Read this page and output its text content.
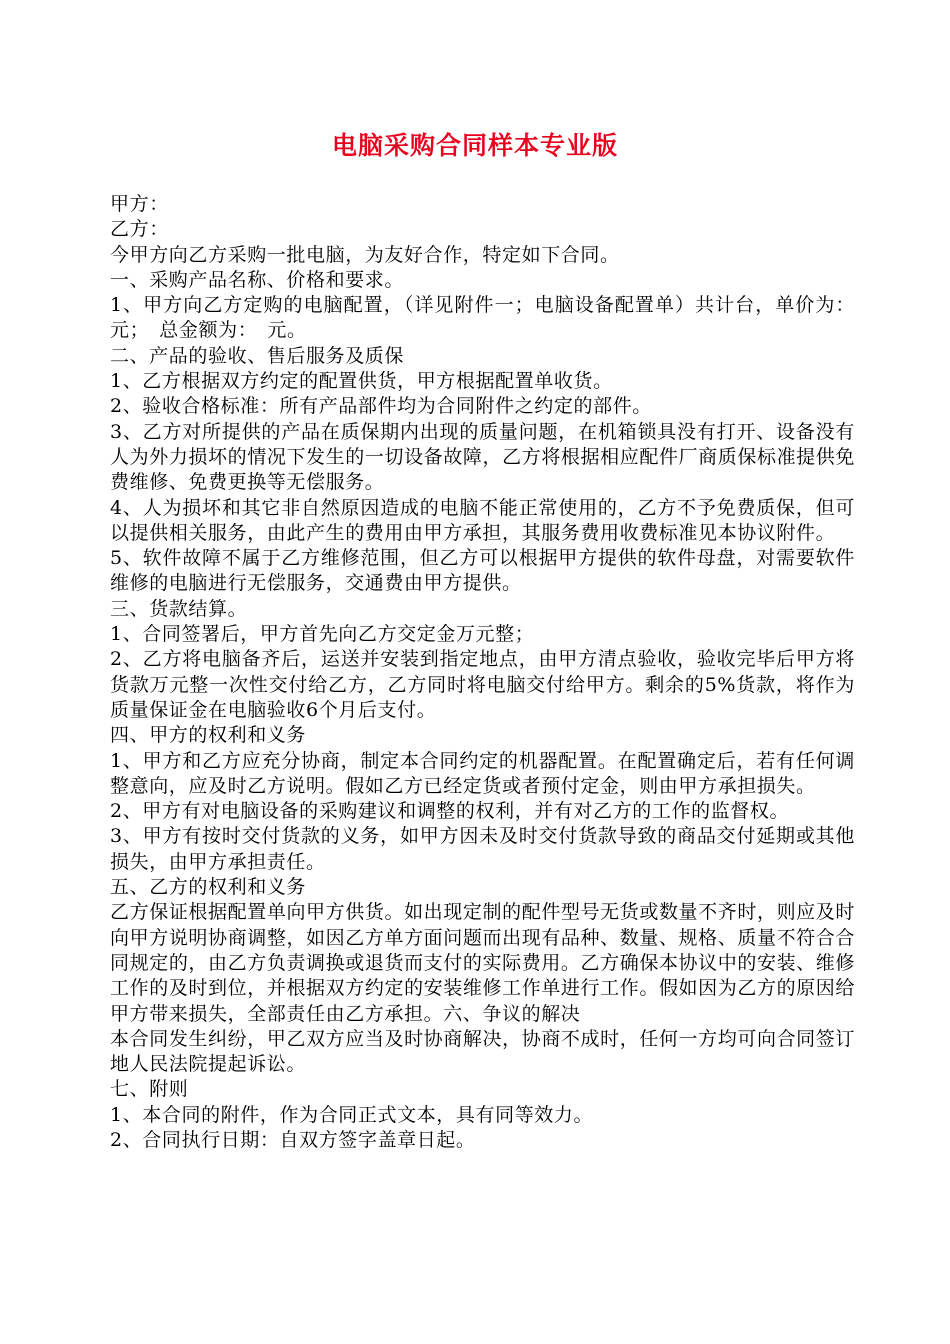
电脑采购合同样本专业版

甲方：

乙方：

今甲方向乙方采购一批电脑，为友好合作，特定如下合同。

一、采购产品名称、价格和要求。

1、甲方向乙方定购的电脑配置，（详见附件一；电脑设备配置单）共计台，单价为：元；　总金额为：　元。

二、产品的验收、售后服务及质保

1、乙方根据双方约定的配置供货，甲方根据配置单收货。

2、验收合格标准：所有产品部件均为合同附件之约定的部件。

3、乙方对所提供的产品在质保期内出现的质量问题，在机箱锁具没有打开、设备没有人为外力损坏的情况下发生的一切设备故障，乙方将根据相应配件厂商质保标准提供免费维修、免费更换等无偿服务。

4、人为损坏和其它非自然原因造成的电脑不能正常使用的，乙方不予免费质保，但可以提供相关服务，由此产生的费用由甲方承担，其服务费用收费标准见本协议附件。

5、软件故障不属于乙方维修范围，但乙方可以根据甲方提供的软件母盘，对需要软件维修的电脑进行无偿服务，交通费由甲方提供。

三、货款结算。

1、合同签署后，甲方首先向乙方交定金万元整；

2、乙方将电脑备齐后，运送并安装到指定地点，由甲方清点验收，验收完毕后甲方将货款万元整一次性交付给乙方，乙方同时将电脑交付给甲方。剩余的5%货款，将作为质量保证金在电脑验收6个月后支付。

四、甲方的权利和义务

1、甲方和乙方应充分协商，制定本合同约定的机器配置。在配置确定后，若有任何调整意向，应及时乙方说明。假如乙方已经定货或者预付定金，则由甲方承担损失。

2、甲方有对电脑设备的采购建议和调整的权利，并有对乙方的工作的监督权。

3、甲方有按时交付货款的义务，如甲方因未及时交付货款导致的商品交付延期或其他损失，由甲方承担责任。

五、乙方的权利和义务

乙方保证根据配置单向甲方供货。如出现定制的配件型号无货或数量不齐时，则应及时向甲方说明协商调整，如因乙方单方面问题而出现有品种、数量、规格、质量不符合合同规定的，由乙方负责调换或退货而支付的实际费用。乙方确保本协议中的安装、维修工作的及时到位，并根据双方约定的安装维修工作单进行工作。假如因为乙方的原因给甲方带来损失，全部责任由乙方承担。六、争议的解决

本合同发生纠纷，甲乙双方应当及时协商解决，协商不成时，任何一方均可向合同签订地人民法院提起诉讼。

七、附则

1、本合同的附件，作为合同正式文本，具有同等效力。

2、合同执行日期：自双方签字盖章日起。
